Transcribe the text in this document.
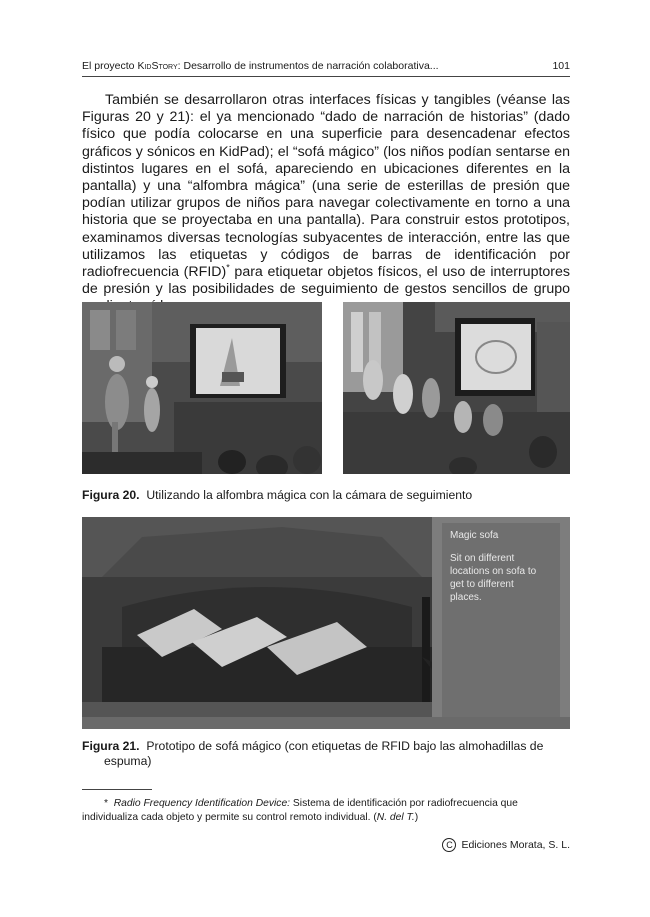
El proyecto KidStory: Desarrollo de instrumentos de narración colaborativa...	101

También se desarrollaron otras interfaces físicas y tangibles (véanse las Figuras 20 y 21): el ya mencionado “dado de narración de historias” (dado físico que podía colocarse en una superficie para desencadenar efectos gráficos y sónicos en KidPad); el “sofá mágico” (los niños podían sentarse en distintos lugares en el sofá, apareciendo en ubicaciones diferentes en la pantalla) y una “alfombra mágica” (una serie de esterillas de presión que podían utilizar grupos de niños para navegar colectivamente en torno a una historia que se proyectaba en una pantalla). Para construir estos prototipos, examinamos diversas tecnologías subyacentes de interacción, entre las que utilizamos las etiquetas y códigos de barras de identificación por radiofrecuencia (RFID)* para etiquetar objetos físicos, el uso de interruptores de presión y las posibilidades de seguimiento de gestos sencillos de grupo

Figura 20. Utilizando la alfombra mágica con la cámara de seguimiento
Magic sofa
Sit on different locations on sofa to get to different places.
Figura 21. Prototipo de sofá mágico (con etiquetas de RFID bajo las almohadillas de
espuma)

* Radio Frequency Identification Device: Sistema de identificación por radiofrecuencia que individualiza cada objeto y permite su control remoto individual. (N. del T.)

C Ediciones Morata, S. L.
